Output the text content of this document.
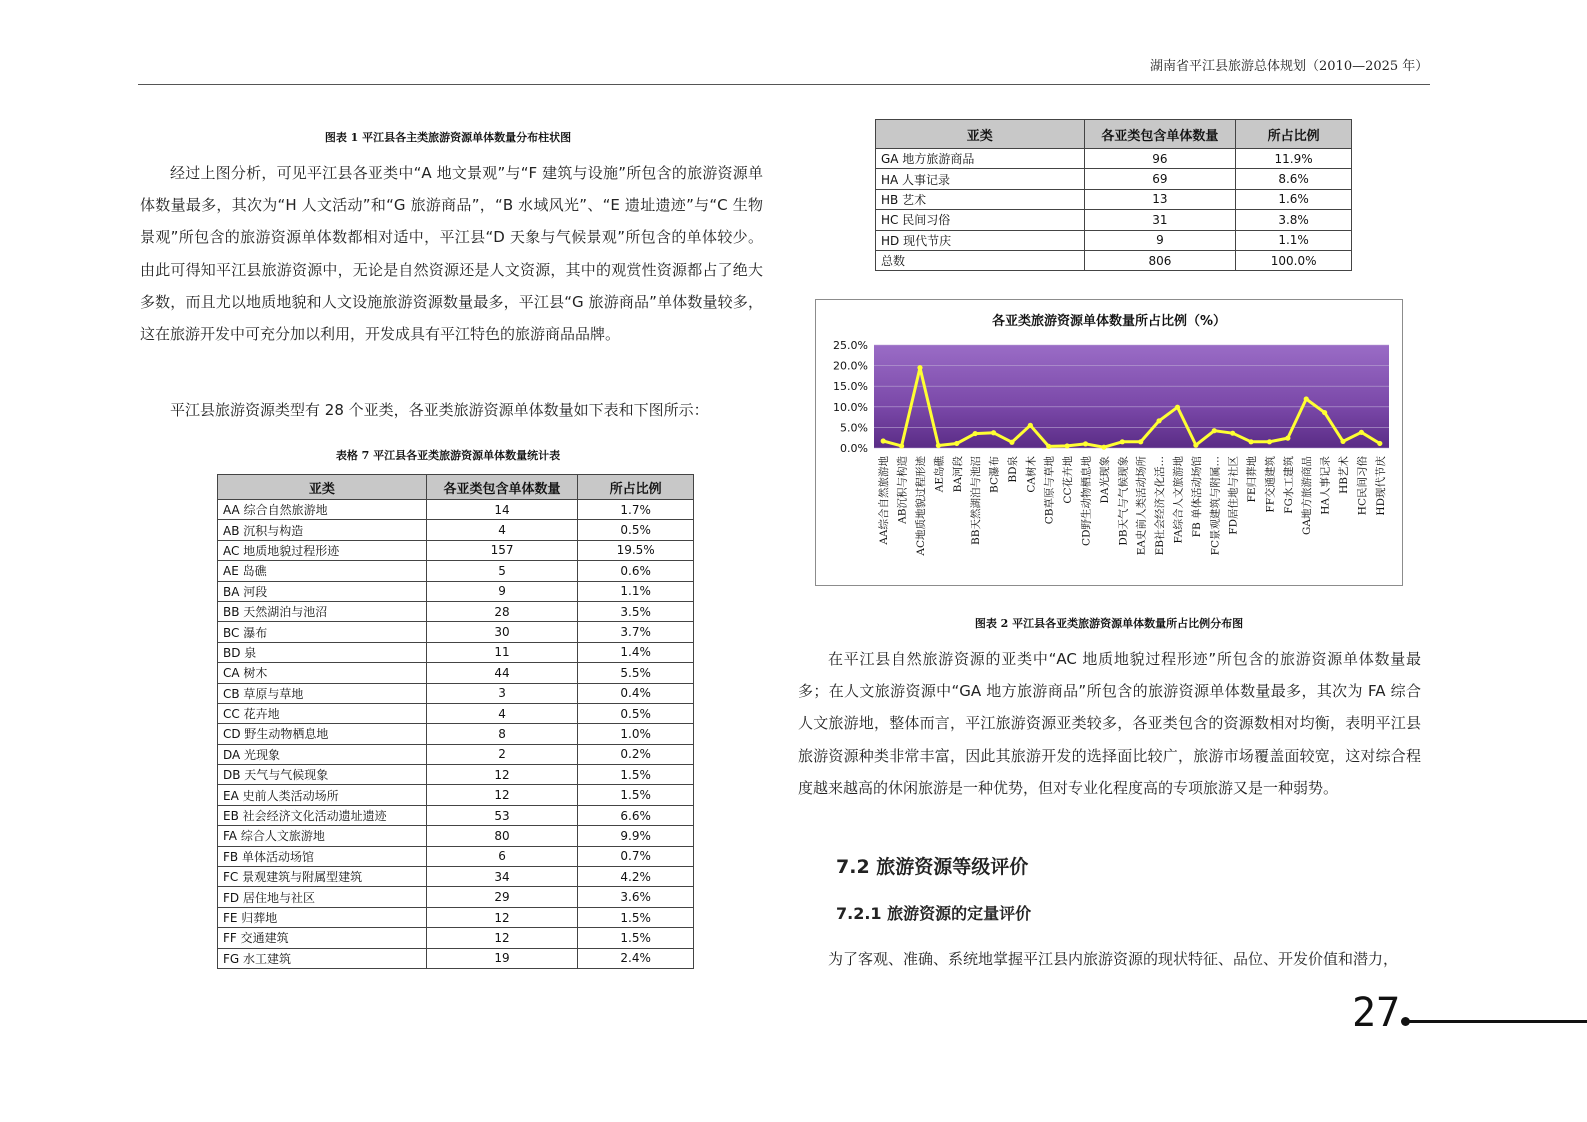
湖南省平江县旅游总体规划（2010—2025 年）
图表 1 平江县各主类旅游资源单体数量分布柱状图
经过上图分析，可见平江县各亚类中“A 地文景观”与“F 建筑与设施”所包含的旅游资源单体数量最多，其次为“H 人文活动”和“G 旅游商品”，“B 水域风光”、“E 遗址遗迹”与“C 生物景观”所包含的旅游资源单体数都相对适中，平江县“D 天象与气候景观”所包含的单体较少。由此可得知平江县旅游资源中，无论是自然资源还是人文资源，其中的观赏性资源都占了绝大多数，而且尤以地质地貌和人文设施旅游资源数量最多，平江县“G 旅游商品”单体数量较多，这在旅游开发中可充分加以利用，开发成具有平江特色的旅游商品品牌。
平江县旅游资源类型有 28 个亚类，各亚类旅游资源单体数量如下表和下图所示：
表格 7 平江县各亚类旅游资源单体数量统计表
亚类	各亚类包含单体数量	所占比例
AA 综合自然旅游地	14	1.7%
AB 沉积与构造	4	0.5%
AC 地质地貌过程形迹	157	19.5%
AE 岛礁	5	0.6%
BA 河段	9	1.1%
BB 天然湖泊与池沼	28	3.5%
BC 瀑布	30	3.7%
BD 泉	11	1.4%
CA 树木	44	5.5%
CB 草原与草地	3	0.4%
CC 花卉地	4	0.5%
CD 野生动物栖息地	8	1.0%
DA 光现象	2	0.2%
DB 天气与气候现象	12	1.5%
EA 史前人类活动场所	12	1.5%
EB 社会经济文化活动遗址遗迹	53	6.6%
FA 综合人文旅游地	80	9.9%
FB 单体活动场馆	6	0.7%
FC 景观建筑与附属型建筑	34	4.2%
FD 居住地与社区	29	3.6%
FE 归葬地	12	1.5%
FF 交通建筑	12	1.5%
FG 水工建筑	19	2.4%
亚类	各亚类包含单体数量	所占比例
GA 地方旅游商品	96	11.9%
HA 人事记录	69	8.6%
HB 艺术	13	1.6%
HC 民间习俗	31	3.8%
HD 现代节庆	9	1.1%
总数	806	100.0%
各亚类旅游资源单体数量所占比例（%）
25.0%
20.0%
15.0%
10.0%
5.0%
0.0%
AA综合自然旅游地 AB沉积与构造 AC地质地貌过程形迹 AE岛礁 BA河段 BB天然湖泊与池沼 BC瀑布 BD泉 CA树木 CB草原与草地 CC花卉地 CD野生动物栖息地 DA光现象 DB天气与气候现象 EA史前人类活动场所 EB社会经济文化活… FA综合人文旅游地 FB 单体活动场馆 FC景观建筑与附属… FD居住地与社区 FE归葬地 FF交通建筑 FG水工建筑 GA地方旅游商品 HA人事记录 HB艺术 HC民间习俗 HD现代节庆
图表 2 平江县各亚类旅游资源单体数量所占比例分布图
在平江县自然旅游资源的亚类中“AC 地质地貌过程形迹”所包含的旅游资源单体数量最多；在人文旅游资源中“GA 地方旅游商品”所包含的旅游资源单体数量最多，其次为 FA 综合人文旅游地，整体而言，平江旅游资源亚类较多，各亚类包含的资源数相对均衡，表明平江县旅游资源种类非常丰富，因此其旅游开发的选择面比较广，旅游市场覆盖面较宽，这对综合程度越来越高的休闲旅游是一种优势，但对专业化程度高的专项旅游又是一种弱势。
7.2 旅游资源等级评价
7.2.1 旅游资源的定量评价
为了客观、准确、系统地掌握平江县内旅游资源的现状特征、品位、开发价值和潜力，
27
